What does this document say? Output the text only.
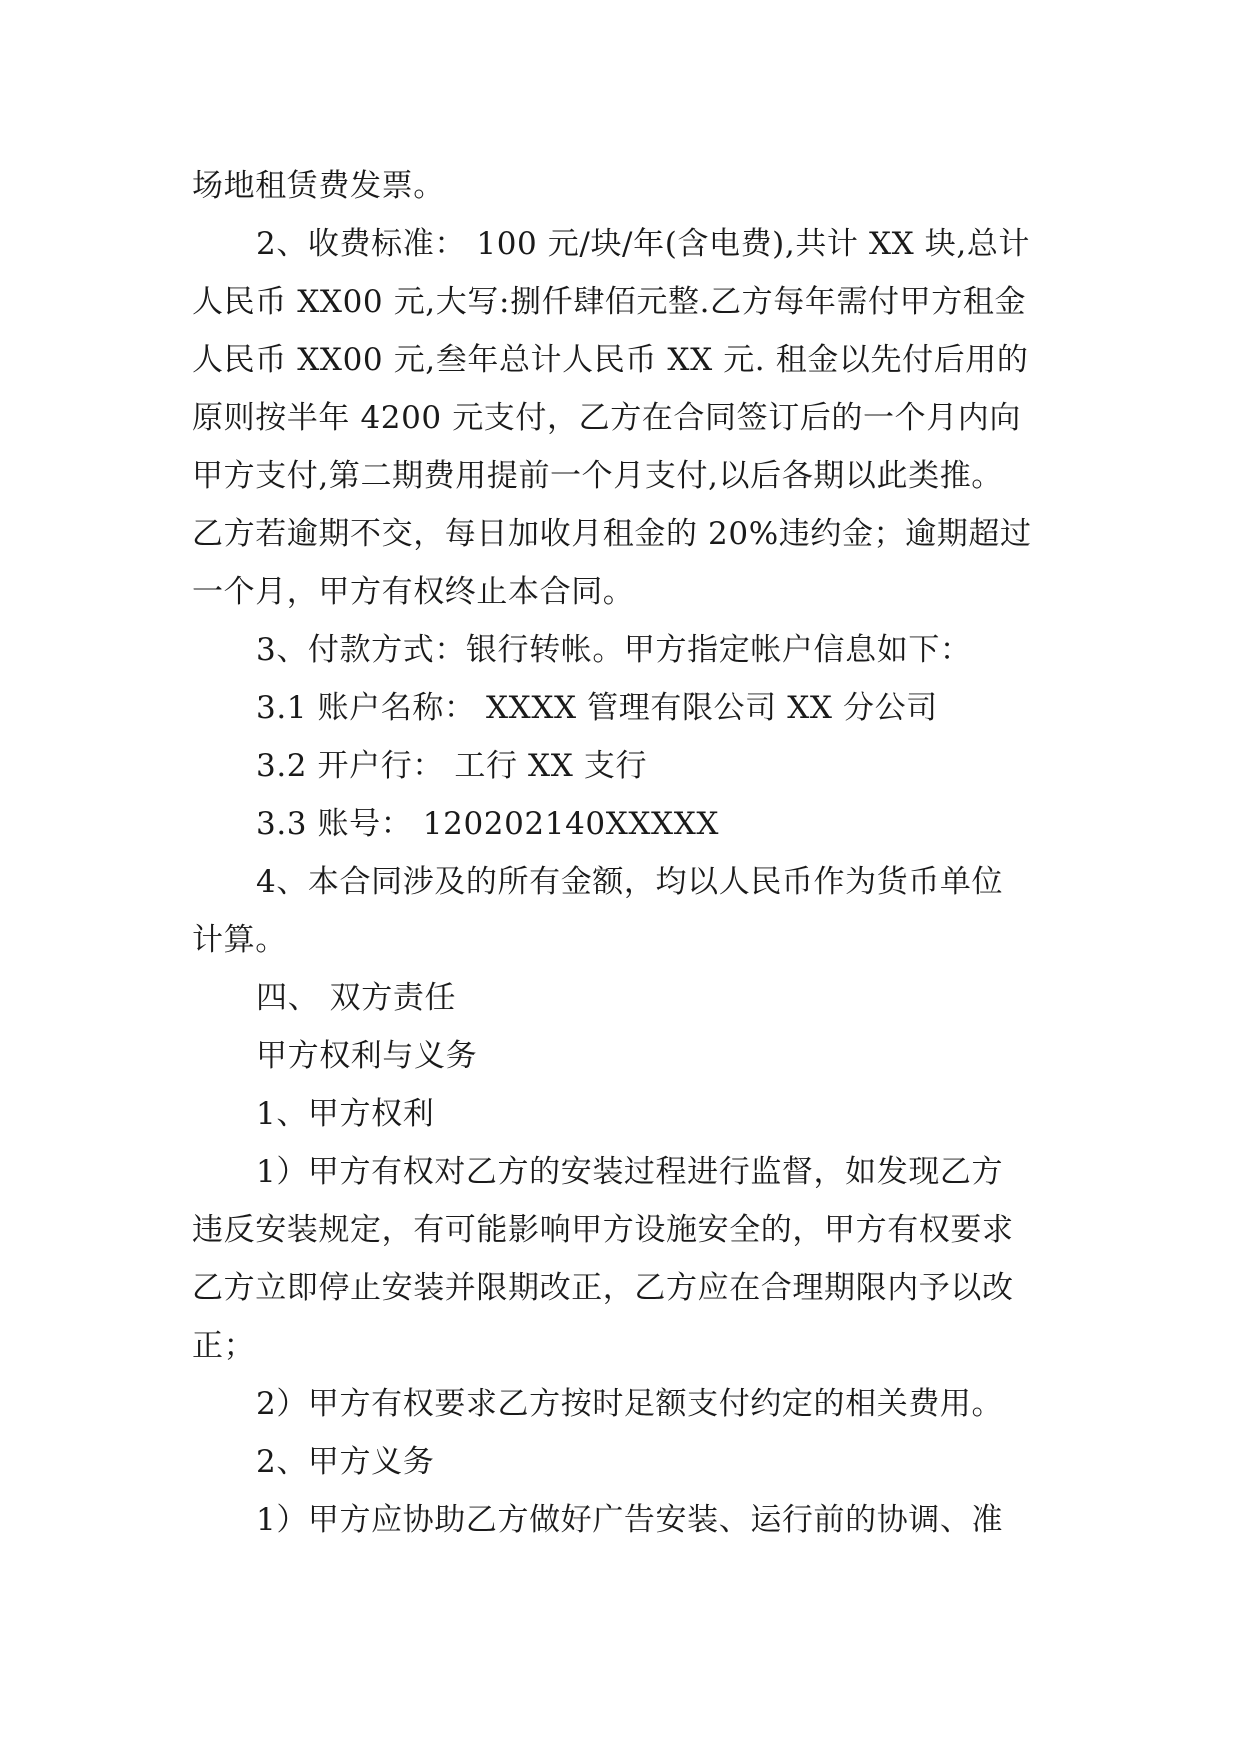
场地租赁费发票。
2、收费标准： 100 元/块/年(含电费),共计 XX 块,总计
人民币 XX00 元,大写:捌仟肆佰元整.乙方每年需付甲方租金
人民币 XX00 元,叁年总计人民币 XX 元. 租金以先付后用的
原则按半年 4200 元支付，乙方在合同签订后的一个月内向
甲方支付,第二期费用提前一个月支付,以后各期以此类推。
乙方若逾期不交，每日加收月租金的 20%违约金；逾期超过
一个月，甲方有权终止本合同。
3、付款方式：银行转帐。甲方指定帐户信息如下：
3.1 账户名称： XXXX 管理有限公司 XX 分公司
3.2 开户行： 工行 XX 支行
3.3 账号： 120202140XXXXX
4、本合同涉及的所有金额，均以人民币作为货币单位
计算。
四、 双方责任
甲方权利与义务
1、甲方权利
1）甲方有权对乙方的安装过程进行监督，如发现乙方
违反安装规定，有可能影响甲方设施安全的，甲方有权要求
乙方立即停止安装并限期改正，乙方应在合理期限内予以改
正；
2）甲方有权要求乙方按时足额支付约定的相关费用。
2、甲方义务
1）甲方应协助乙方做好广告安装、运行前的协调、准
